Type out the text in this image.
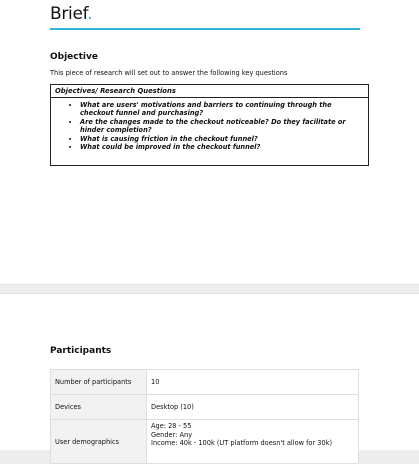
Brief.
Objective
This piece of research will set out to answer the following key questions
Objectives/ Research Questions
• What are users' motivations and barriers to continuing through the checkout funnel and purchasing?
• Are the changes made to the checkout noticeable? Do they facilitate or hinder completion?
• What is causing friction in the checkout funnel?
• What could be improved in the checkout funnel?
Participants
Number of participants	10
Devices	Desktop (10)
User demographics	Age: 28 - 55
Gender: Any
Income: 40k - 100k (UT platform doesn't allow for 30k)
